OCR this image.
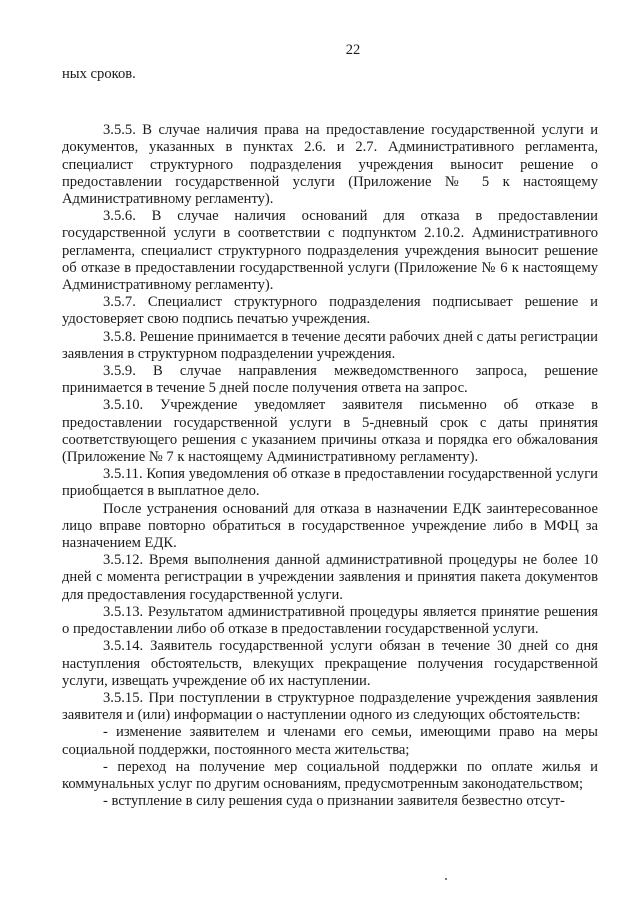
22

ных сроков.

3.5.5. В случае наличия права на предоставление государственной услуги и документов, указанных в пунктах 2.6. и 2.7. Административного регламента, специалист структурного подразделения учреждения выносит решение о предоставлении государственной услуги (Приложение № 5 к настоящему Административному регламенту).

3.5.6. В случае наличия оснований для отказа в предоставлении государственной услуги в соответствии с подпунктом 2.10.2. Административного регламента, специалист структурного подразделения учреждения выносит решение об отказе в предоставлении государственной услуги (Приложение № 6 к настоящему Административному регламенту).

3.5.7. Специалист структурного подразделения подписывает решение и удостоверяет свою подпись печатью учреждения.

3.5.8. Решение принимается в течение десяти рабочих дней с даты регистрации заявления в структурном подразделении учреждения.

3.5.9. В случае направления межведомственного запроса, решение принимается в течение 5 дней после получения ответа на запрос.

3.5.10. Учреждение уведомляет заявителя письменно об отказе в предоставлении государственной услуги в 5-дневный срок с даты принятия соответствующего решения с указанием причины отказа и порядка его обжалования (Приложение № 7 к настоящему Административному регламенту).

3.5.11. Копия уведомления об отказе в предоставлении государственной услуги приобщается в выплатное дело.

После устранения оснований для отказа в назначении ЕДК заинтересованное лицо вправе повторно обратиться в государственное учреждение либо в МФЦ за назначением ЕДК.

3.5.12. Время выполнения данной административной процедуры не более 10 дней с момента регистрации в учреждении заявления и принятия пакета документов для предоставления государственной услуги.

3.5.13. Результатом административной процедуры является принятие решения о предоставлении либо об отказе в предоставлении государственной услуги.

3.5.14. Заявитель государственной услуги обязан в течение 30 дней со дня наступления обстоятельств, влекущих прекращение получения государственной услуги, извещать учреждение об их наступлении.

3.5.15. При поступлении в структурное подразделение учреждения заявления заявителя и (или) информации о наступлении одного из следующих обстоятельств:

- изменение заявителем и членами его семьи, имеющими право на меры социальной поддержки, постоянного места жительства;

- переход на получение мер социальной поддержки по оплате жилья и коммунальных услуг по другим основаниям, предусмотренным законодательством;

- вступление в силу решения суда о признании заявителя безвестно отсут-
